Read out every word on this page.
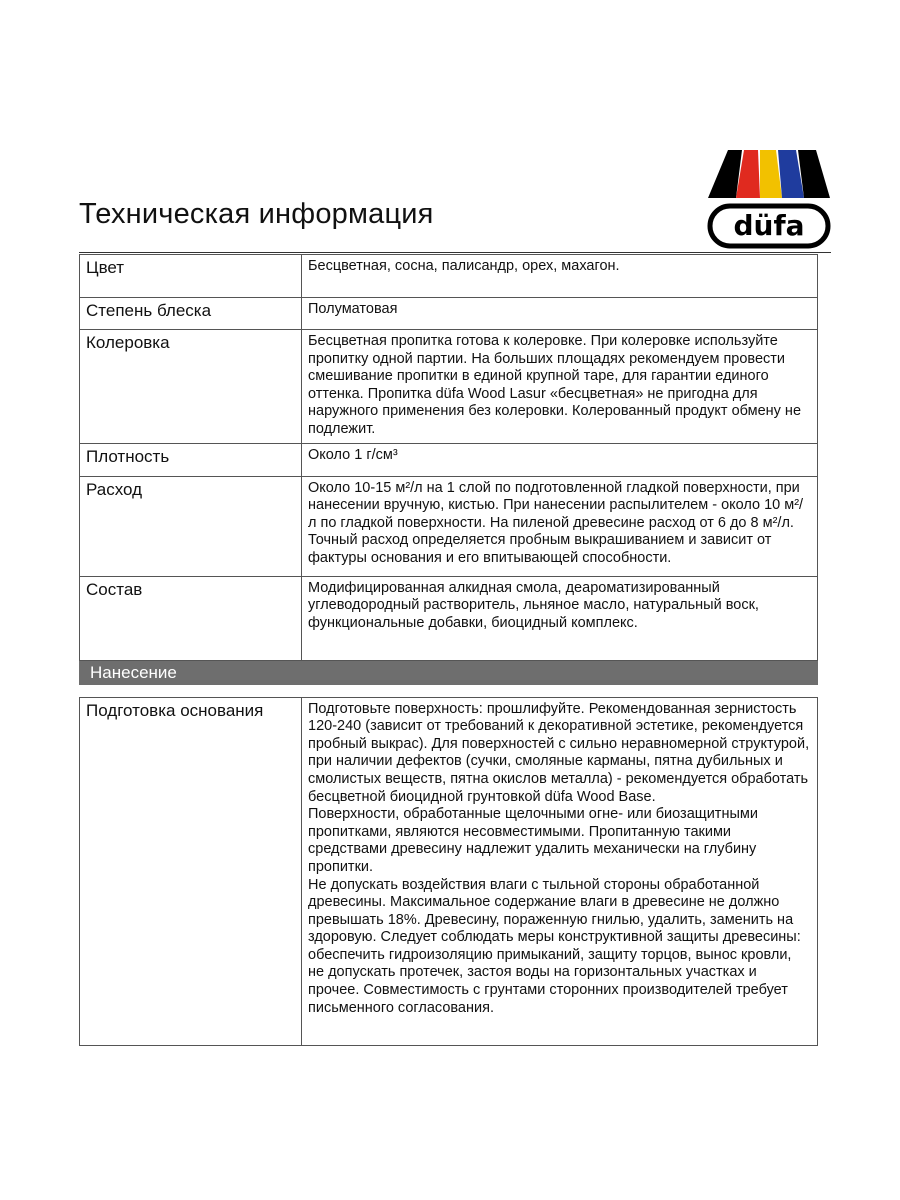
Техническая информация	düfa
Цвет	Бесцветная, сосна, палисандр, орех, махагон.

Степень блеска	Полуматовая

Колеровка	Бесцветная пропитка готова к колеровке. При колеровке используйте пропитку одной партии. На больших площадях рекомендуем провести смешивание пропитки в единой крупной таре, для гарантии единого оттенка. Пропитка düfa Wood Lasur «бесцветная» не пригодна для наружного применения без колеровки. Колерованный продукт обмену не подлежит.

Плотность	Около 1 г/см³

Расход	Около 10-15 м²/л на 1 слой по подготовленной гладкой поверхности, при нанесении вручную, кистью. При нанесении распылителем - около 10 м²/л по гладкой поверхности. На пиленой древесине расход от 6 до 8 м²/л. Точный расход определяется пробным выкрашиванием и зависит от фактуры основания и его впитывающей способности.

Состав	Модифицированная алкидная смола, деароматизированный углеводородный растворитель, льняное масло, натуральный воск, функциональные добавки, биоцидный комплекс.

Нанесение	

Подготовка основания	Подготовьте поверхность: прошлифуйте. Рекомендованная зернистость 120-240 (зависит от требований к декоративной эстетике, рекомендуется пробный выкрас). Для поверхностей с сильно неравномерной структурой, при наличии дефектов (сучки, смоляные карманы, пятна дубильных и смолистых веществ, пятна окислов металла) - рекомендуется обработать бесцветной биоцидной грунтовкой düfa Wood Base.
Поверхности, обработанные щелочными огне- или биозащитными пропитками, являются несовместимыми. Пропитанную такими средствами древесину надлежит удалить механически на глубину пропитки.
Не допускать воздействия влаги с тыльной стороны обработанной древесины. Максимальное содержание влаги в древесине не должно превышать 18%. Древесину, пораженную гнилью, удалить, заменить на здоровую. Следует соблюдать меры конструктивной защиты древесины: обеспечить гидроизоляцию примыканий, защиту торцов, вынос кровли, не допускать протечек, застоя воды на горизонтальных участках и прочее. Совместимость с грунтами сторонних производителей требует письменного согласования.
